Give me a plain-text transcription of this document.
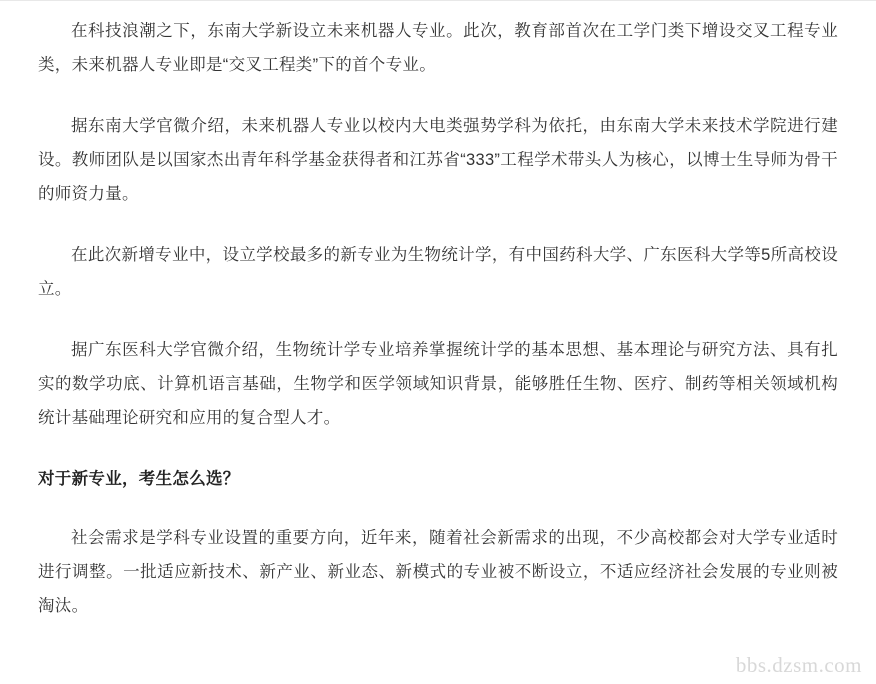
在科技浪潮之下，东南大学新设立未来机器人专业。此次，教育部首次在工学门类下增设交叉工程专业类，未来机器人专业即是“交叉工程类”下的首个专业。

据东南大学官微介绍，未来机器人专业以校内大电类强势学科为依托，由东南大学未来技术学院进行建设。教师团队是以国家杰出青年科学基金获得者和江苏省“333”工程学术带头人为核心，以博士生导师为骨干的师资力量。

在此次新增专业中，设立学校最多的新专业为生物统计学，有中国药科大学、广东医科大学等5所高校设立。

据广东医科大学官微介绍，生物统计学专业培养掌握统计学的基本思想、基本理论与研究方法、具有扎实的数学功底、计算机语言基础，生物学和医学领域知识背景，能够胜任生物、医疗、制药等相关领域机构统计基础理论研究和应用的复合型人才。

对于新专业，考生怎么选？

社会需求是学科专业设置的重要方向，近年来，随着社会新需求的出现，不少高校都会对大学专业适时进行调整。一批适应新技术、新产业、新业态、新模式的专业被不断设立，不适应经济社会发展的专业则被淘汰。

bbs.dzsm.com
